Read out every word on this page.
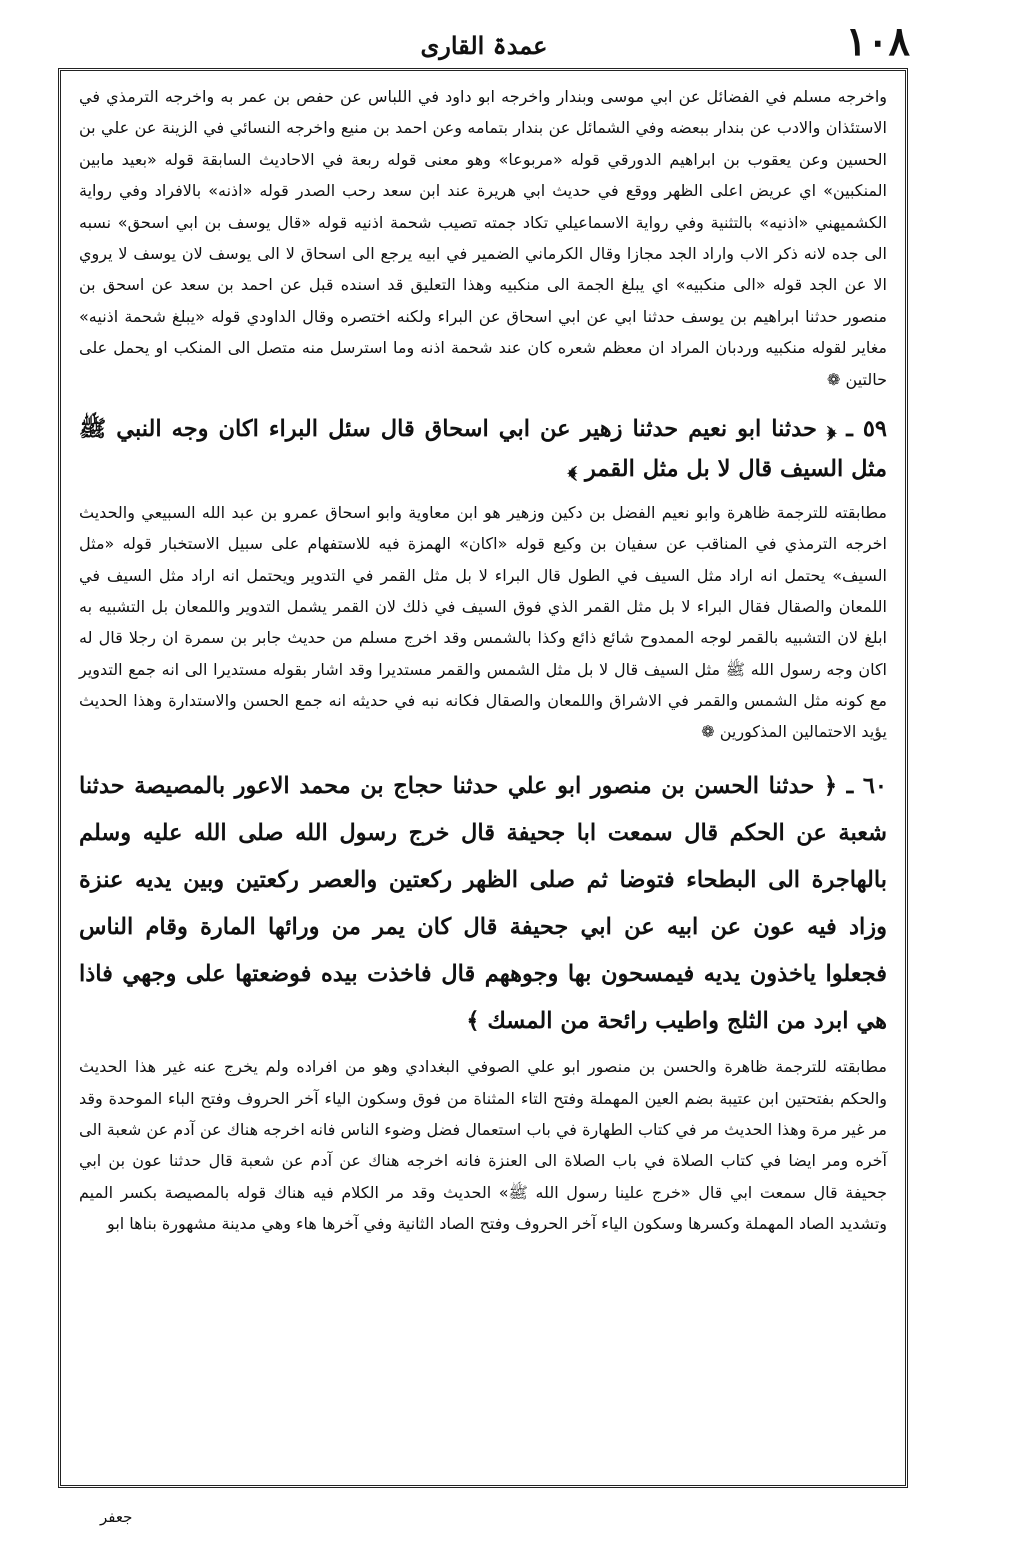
١٠٨
عمدۃ القاری
واخرجه مسلم في الفضائل عن ابي موسى وبندار واخرجه ابو داود في اللباس عن حفص بن عمر به واخرجه الترمذي في الاستئذان والادب عن بندار ببعضه وفي الشمائل عن بندار بتمامه وعن احمد بن منيع واخرجه النسائي في الزينة عن علي بن الحسين وعن يعقوب بن ابراهيم الدورقي قوله «مربوعا» وهو معنى قوله ربعة في الاحاديث السابقة قوله «بعيد مابين المنكبين» اي عريض اعلى الظهر ووقع في حديث ابي هريرة عند ابن سعد رحب الصدر قوله «اذنه» بالافراد وفي رواية الكشميهني «اذنيه» بالتثنية وفي رواية الاسماعيلي تكاد جمته تصيب شحمة اذنيه قوله «قال يوسف بن ابي اسحق» نسبه الى جده لانه ذكر الاب واراد الجد مجازا وقال الكرماني الضمير في ابيه يرجع الى اسحاق لا الى يوسف لان يوسف لا يروي الا عن الجد قوله «الى منكبيه» اي يبلغ الجمة الى منكبيه وهذا التعليق قد اسنده قبل عن احمد بن سعد عن اسحق بن منصور حدثنا ابراهيم بن يوسف حدثنا ابي عن ابي اسحاق عن البراء ولكنه اختصره وقال الداودي قوله «يبلغ شحمة اذنيه» مغاير لقوله منكبيه وردبان المراد ان معظم شعره كان عند شحمة اذنه وما استرسل منه متصل الى المنكب او يحمل على حالتين ❁
٥٩ ـ ﴿ حدثنا ابو نعيم حدثنا زهير عن ابي اسحاق قال سئل البراء اكان وجه النبي ﷺ مثل السيف قال لا بل مثل القمر ﴾
مطابقته للترجمة ظاهرة وابو نعيم الفضل بن دكين وزهير هو ابن معاوية وابو اسحاق عمرو بن عبد الله السبيعي والحديث اخرجه الترمذي في المناقب عن سفيان بن وكيع قوله «اكان» الهمزة فيه للاستفهام على سبيل الاستخبار قوله «مثل السيف» يحتمل انه اراد مثل السيف في الطول قال البراء لا بل مثل القمر في التدوير ويحتمل انه اراد مثل السيف في اللمعان والصقال فقال البراء لا بل مثل القمر الذي فوق السيف في ذلك لان القمر يشمل التدوير واللمعان بل التشبيه به ابلغ لان التشبيه بالقمر لوجه الممدوح شائع ذائع وكذا بالشمس وقد اخرج مسلم من حديث جابر بن سمرة ان رجلا قال له اكان وجه رسول الله ﷺ مثل السيف قال لا بل مثل الشمس والقمر مستديرا وقد اشار بقوله مستديرا الى انه جمع التدوير مع كونه مثل الشمس والقمر في الاشراق واللمعان والصقال فكانه نبه في حديثه انه جمع الحسن والاستدارة وهذا الحديث يؤيد الاحتمالين المذكورين ❁
٦٠ ـ ﴿ حدثنا الحسن بن منصور ابو علي حدثنا حجاج بن محمد الاعور بالمصيصة حدثنا شعبة عن الحكم قال سمعت ابا جحيفة قال خرج رسول الله صلى الله عليه وسلم بالهاجرة الى البطحاء فتوضا ثم صلى الظهر ركعتين والعصر ركعتين وبين يديه عنزة وزاد فيه عون عن ابيه عن ابي جحيفة قال كان يمر من ورائها المارة وقام الناس فجعلوا ياخذون يديه فيمسحون بها وجوههم قال فاخذت بيده فوضعتها على وجهي فاذا هي ابرد من الثلج واطيب رائحة من المسك ﴾
مطابقته للترجمة ظاهرة والحسن بن منصور ابو علي الصوفي البغدادي وهو من افراده ولم يخرج عنه غير هذا الحديث والحكم بفتحتين ابن عتيبة بضم العين المهملة وفتح التاء المثناة من فوق وسكون الياء آخر الحروف وفتح الباء الموحدة وقد مر غير مرة وهذا الحديث مر في كتاب الطهارة في باب استعمال فضل وضوء الناس فانه اخرجه هناك عن آدم عن شعبة الى آخره ومر ايضا في كتاب الصلاة في باب الصلاة الى العنزة فانه اخرجه هناك عن آدم عن شعبة قال حدثنا عون بن ابي جحيفة قال سمعت ابي قال «خرج علينا رسول الله ﷺ» الحديث وقد مر الكلام فيه هناك قوله بالمصيصة بكسر الميم وتشديد الصاد المهملة وكسرها وسكون الياء آخر الحروف وفتح الصاد الثانية وفي آخرها هاء وهي مدينة مشهورة بناها ابو
جعفر
